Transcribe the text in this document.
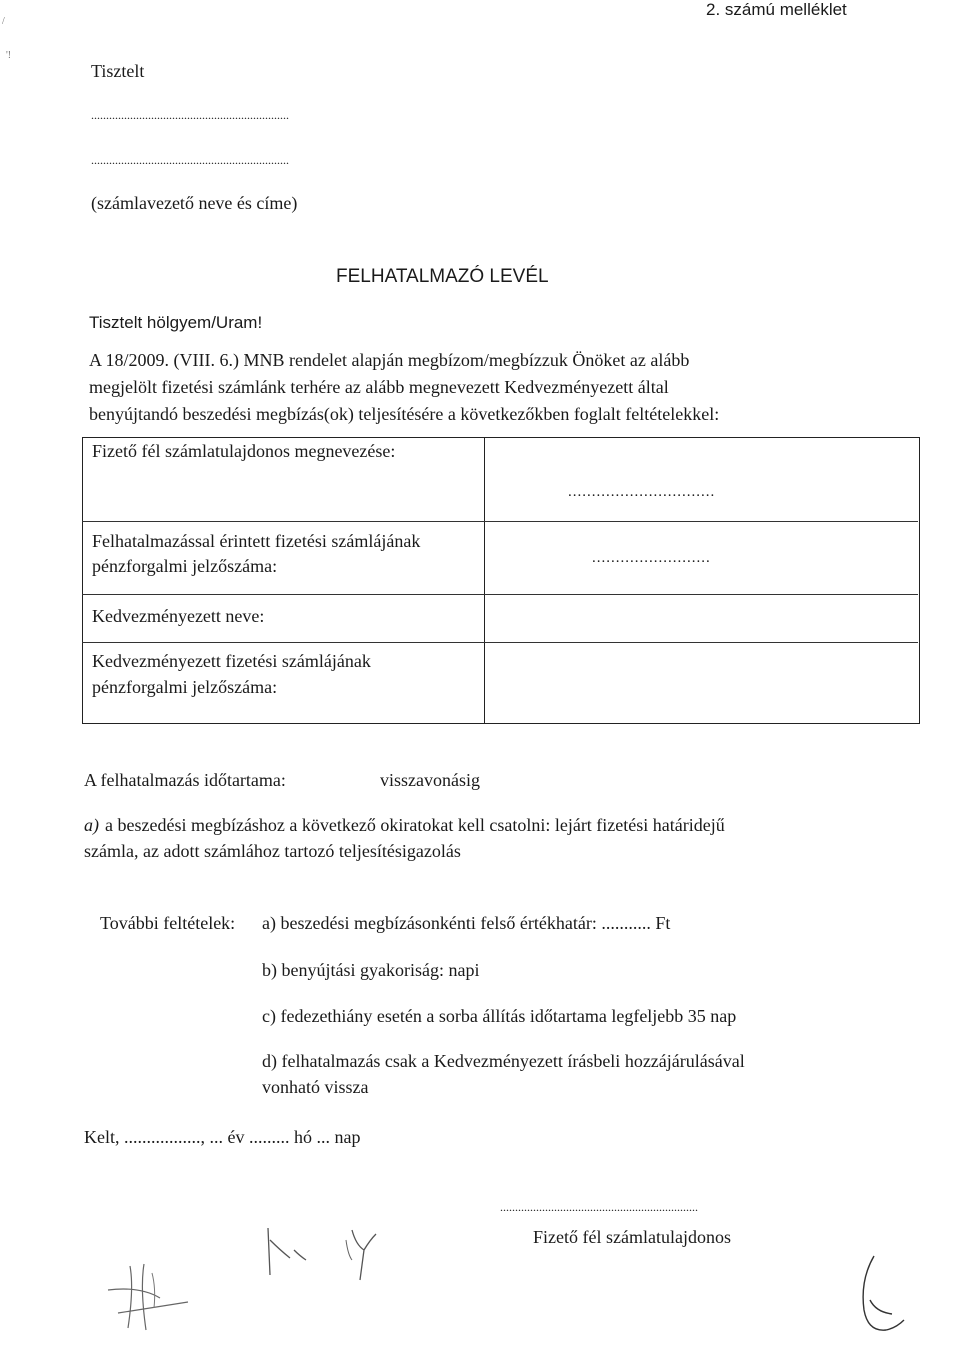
2. számú melléklet
/
'!
Tisztelt
..................................................................
..................................................................
(számlavezető neve és címe)
FELHATALMAZÓ LEVÉL
Tisztelt hölgyem/Uram!
A 18/2009. (VIII. 6.) MNB rendelet alapján megbízom/megbízzuk Önöket az alább
megjelölt fizetési számlánk terhére az alább megnevezett Kedvezményezett által
benyújtandó beszedési megbízás(ok) teljesítésére a következőkben foglalt feltételekkel:
Fizető fél számlatulajdonos megnevezése:
...............................
Felhatalmazással érintett fizetési számlájának
pénzforgalmi jelzőszáma:	.........................
Kedvezményezett neve:
Kedvezményezett fizetési számlájának
pénzforgalmi jelzőszáma:
A felhatalmazás időtartama:	visszavonásig
a) a beszedési megbízáshoz a következő okiratokat kell csatolni: lejárt fizetési határidejű
számla, az adott számlához tartozó teljesítésigazolás
További feltételek: a) beszedési megbízásonkénti felső értékhatár: ........... Ft
b) benyújtási gyakoriság: napi
c) fedezethiány esetén a sorba állítás időtartama legfeljebb 35 nap
d) felhatalmazás csak a Kedvezményezett írásbeli hozzájárulásával
vonható vissza
Kelt, ................., ... év ......... hó ... nap
..................................................................
Fizető fél számlatulajdonos
